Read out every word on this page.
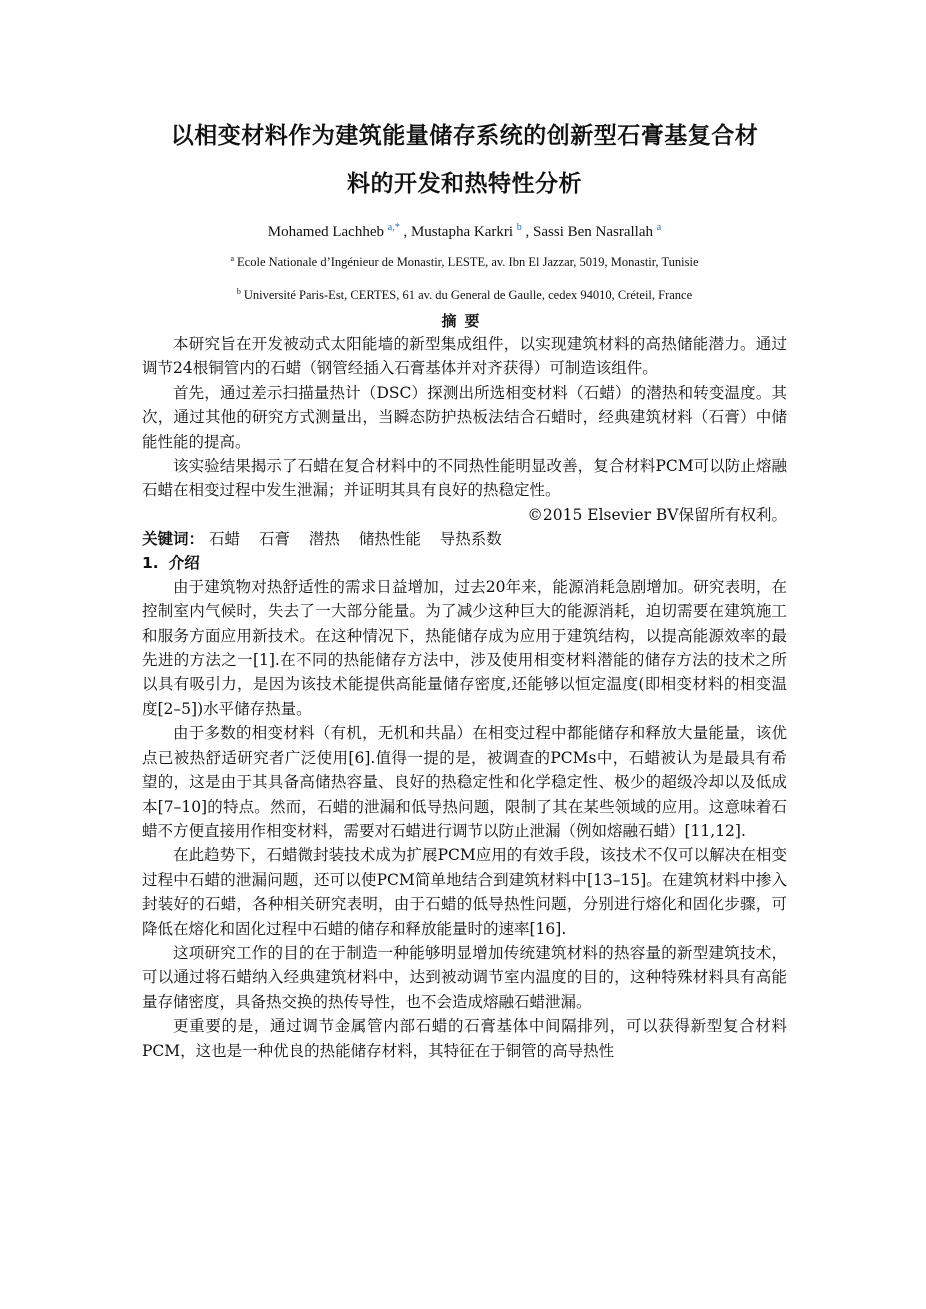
以相变材料作为建筑能量储存系统的创新型石膏基复合材
料的开发和热特性分析
Mohamed Lachheb $^{a,*}$ , Mustapha Karkri $^b$ , Sassi Ben Nasrallah $^a$
$^a$ Ecole Nationale d’Ingénieur de Monastir, LESTE, av. Ibn El Jazzar, 5019, Monastir, Tunisie
$^b$ Université Paris-Est, CERTES, 61 av. du General de Gaulle, cedex 94010, Créteil, France
摘要

本研究旨在开发被动式太阳能墙的新型集成组件，以实现建筑材料的高热储能潜力。通过调节24根铜管内的石蜡（钢管经插入石膏基体并对齐获得）可制造该组件。

首先，通过差示扫描量热计（DSC）探测出所选相变材料（石蜡）的潜热和转变温度。其次，通过其他的研究方式测量出，当瞬态防护热板法结合石蜡时，经典建筑材料（石膏）中储能性能的提高。

该实验结果揭示了石蜡在复合材料中的不同热性能明显改善，复合材料PCM可以防止熔融石蜡在相变过程中发生泄漏；并证明其具有良好的热稳定性。

©2015 Elsevier BV保留所有权利。

关键词： 石蜡 石膏 潜热 储热性能 导热系数

1. 介绍

由于建筑物对热舒适性的需求日益增加，过去20年来，能源消耗急剧增加。研究表明，在控制室内气候时，失去了一大部分能量。为了减少这种巨大的能源消耗，迫切需要在建筑施工和服务方面应用新技术。在这种情况下，热能储存成为应用于建筑结构，以提高能源效率的最先进的方法之一[1].在不同的热能储存方法中，涉及使用相变材料潜能的储存方法的技术之所以具有吸引力，是因为该技术能提供高能量储存密度,还能够以恒定温度(即相变材料的相变温度[2–5])水平储存热量。

由于多数的相变材料（有机，无机和共晶）在相变过程中都能储存和释放大量能量，该优点已被热舒适研究者广泛使用[6].值得一提的是，被调查的PCMs中，石蜡被认为是最具有希望的，这是由于其具备高储热容量、良好的热稳定性和化学稳定性、极少的超级冷却以及低成本[7–10]的特点。然而，石蜡的泄漏和低导热问题，限制了其在某些领域的应用。这意味着石蜡不方便直接用作相变材料，需要对石蜡进行调节以防止泄漏（例如熔融石蜡）[11,12].

在此趋势下，石蜡微封装技术成为扩展PCM应用的有效手段，该技术不仅可以解决在相变过程中石蜡的泄漏问题，还可以使PCM简单地结合到建筑材料中[13–15]。在建筑材料中掺入封装好的石蜡，各种相关研究表明，由于石蜡的低导热性问题，分别进行熔化和固化步骤，可降低在熔化和固化过程中石蜡的储存和释放能量时的速率[16].

这项研究工作的目的在于制造一种能够明显增加传统建筑材料的热容量的新型建筑技术，可以通过将石蜡纳入经典建筑材料中，达到被动调节室内温度的目的，这种特殊材料具有高能量存储密度，具备热交换的热传导性，也不会造成熔融石蜡泄漏。

更重要的是，通过调节金属管内部石蜡的石膏基体中间隔排列，可以获得新型复合材料PCM，这也是一种优良的热能储存材料，其特征在于铜管的高导热性
